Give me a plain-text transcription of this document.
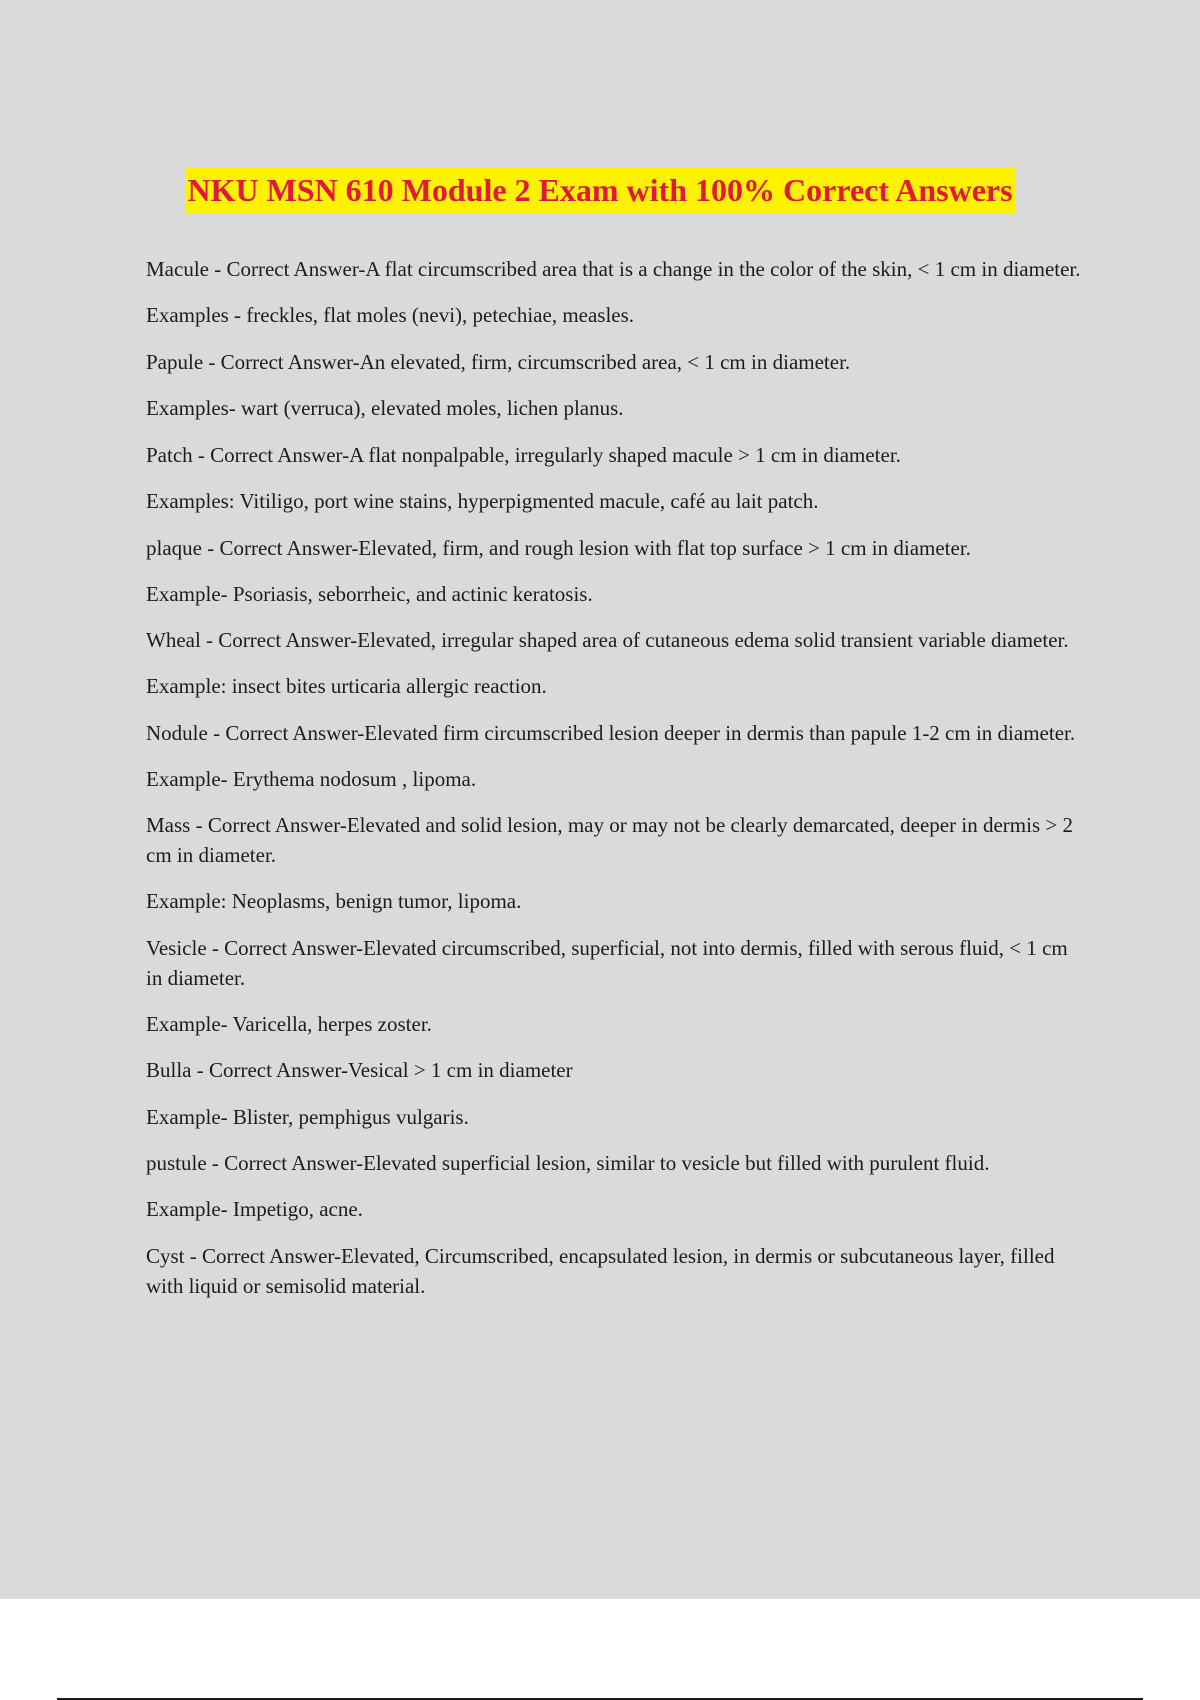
NKU MSN 610 Module 2 Exam with 100% Correct Answers

Macule - Correct Answer-A flat circumscribed area that is a change in the color of the skin, < 1 cm in diameter.

Examples - freckles, flat moles (nevi), petechiae, measles.

Papule - Correct Answer-An elevated, firm, circumscribed area, < 1 cm in diameter.

Examples- wart (verruca), elevated moles, lichen planus.

Patch - Correct Answer-A flat nonpalpable, irregularly shaped macule > 1 cm in diameter.

Examples: Vitiligo, port wine stains, hyperpigmented macule, café au lait patch.

plaque - Correct Answer-Elevated, firm, and rough lesion with flat top surface > 1 cm in diameter.

Example- Psoriasis, seborrheic, and actinic keratosis.

Wheal - Correct Answer-Elevated, irregular shaped area of cutaneous edema solid transient variable diameter.

Example: insect bites urticaria allergic reaction.

Nodule - Correct Answer-Elevated firm circumscribed lesion deeper in dermis than papule 1-2 cm in diameter.

Example- Erythema nodosum , lipoma.

Mass - Correct Answer-Elevated and solid lesion, may or may not be clearly demarcated, deeper in dermis > 2 cm in diameter.

Example: Neoplasms, benign tumor, lipoma.

Vesicle - Correct Answer-Elevated circumscribed, superficial, not into dermis, filled with serous fluid, < 1 cm in diameter.

Example- Varicella, herpes zoster.

Bulla - Correct Answer-Vesical > 1 cm in diameter

Example- Blister, pemphigus vulgaris.

pustule - Correct Answer-Elevated superficial lesion, similar to vesicle but filled with purulent fluid.

Example- Impetigo, acne.

Cyst - Correct Answer-Elevated, Circumscribed, encapsulated lesion, in dermis or subcutaneous layer, filled with liquid or semisolid material.
